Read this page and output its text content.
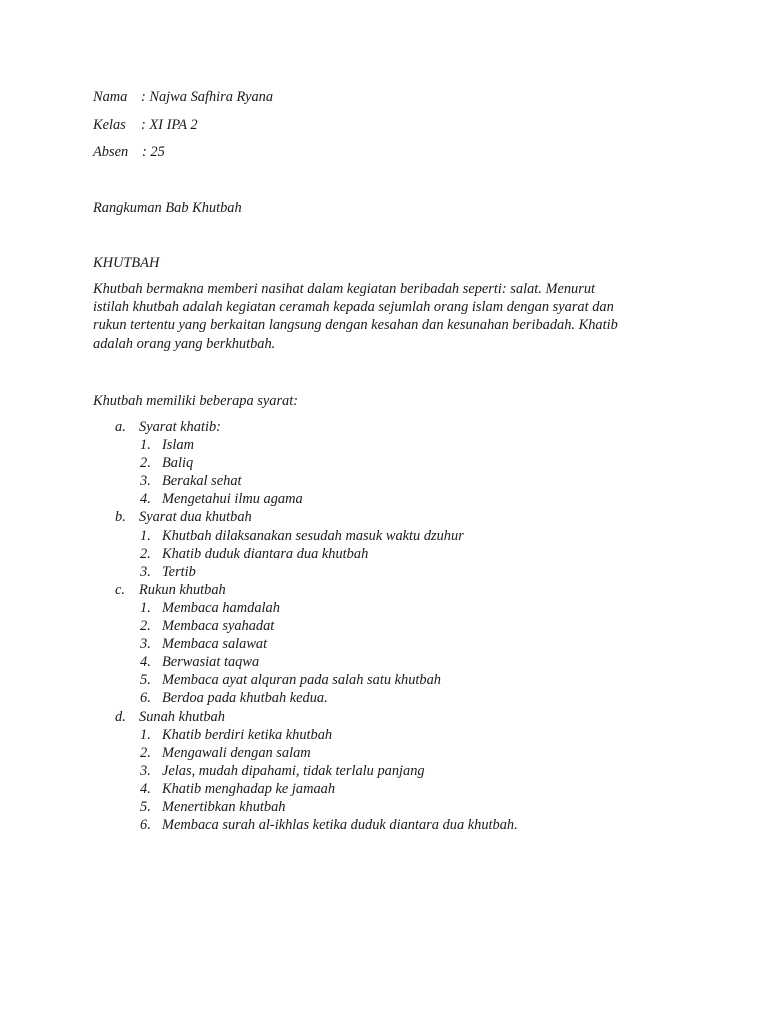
Nama : Najwa Safhira Ryana
Kelas : XI IPA 2
Absen : 25
Rangkuman Bab Khutbah
KHUTBAH
Khutbah bermakna memberi nasihat dalam kegiatan beribadah seperti: salat. Menurut
istilah khutbah adalah kegiatan ceramah kepada sejumlah orang islam dengan syarat dan
rukun tertentu yang berkaitan langsung dengan kesahan dan kesunahan beribadah. Khatib
adalah orang yang berkhutbah.
Khutbah memiliki beberapa syarat:
a. Syarat khatib:
1. Islam
2. Baliq
3. Berakal sehat
4. Mengetahui ilmu agama
b. Syarat dua khutbah
1. Khutbah dilaksanakan sesudah masuk waktu dzuhur
2. Khatib duduk diantara dua khutbah
3. Tertib
c. Rukun khutbah
1. Membaca hamdalah
2. Membaca syahadat
3. Membaca salawat
4. Berwasiat taqwa
5. Membaca ayat alquran pada salah satu khutbah
6. Berdoa pada khutbah kedua.
d. Sunah khutbah
1. Khatib berdiri ketika khutbah
2. Mengawali dengan salam
3. Jelas, mudah dipahami, tidak terlalu panjang
4. Khatib menghadap ke jamaah
5. Menertibkan khutbah
6. Membaca surah al-ikhlas ketika duduk diantara dua khutbah.
